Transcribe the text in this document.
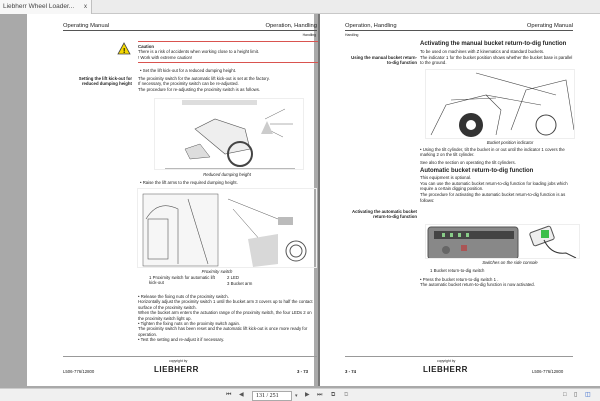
Liebherr Wheel Loader... x
Operating Manual	Operation, Handling
Handling
!
Caution
There is a risk of accidents when working close to a height limit.
! Work with extreme caution!
• Set the lift kick-out for a reduced dumping height.
Setting the lift kick-out for reduced dumping height
The proximity switch for the automatic lift kick-out is set at the factory.
If necessary, the proximity switch can be re-adjusted.
The procedure for re-adjusting the proximity switch is as follows.
Reduced dumping height
• Raise the lift arms to the required dumping height.
Proximity switch
1 Proximity switch for automatic lift kick-out
2 LED
3 Bucket arm
• Release the fixing nuts of the proximity switch.
Horizontally adjust the proximity switch 1 until the bucket arm 3 covers up to half the contact surface of the proximity switch.
When the bucket arm enters the actuation range of the proximity switch, the four LEDs 2 on the proximity switch light up.
• Tighten the fixing nuts on the proximity switch again.
The proximity switch has been reset and the automatic lift kick-out is once more ready for operation.
• Test the setting and re-adjust it if necessary.
L506-776/12800
copyright by
LIEBHERR	3 - 73
Operation, Handling	Operating Manual
Handling
Activating the manual bucket return-to-dig function
To be used on machines with Z kinematics and standard buckets.
Using the manual bucket return-to-dig function
The indicator 1 for the bucket position shows whether the bucket base is parallel to the ground.
Bucket position indicator
• Using the tilt cylinder, tilt the bucket in or out until the indicator 1 covers the marking 2 on the tilt cylinder.
See also the section on operating the tilt cylinders.
Automatic bucket return-to-dig function
This equipment is optional.
You can use the automatic bucket return-to-dig function for loading jobs which require a certain digging position.
The procedure for activating the automatic bucket return-to-dig function is as follows:
Activating the automatic bucket return-to-dig function
Switches on the side console
1 Bucket return-to-dig switch
• Press the bucket return-to-dig switch 1 .
The automatic bucket return-to-dig function is now activated.
3 - 74
copyright by
LIEBHERR	L506-776/12800
⏮ ◀	131 / 251	▾ ▶ ⏭ ⧉ ⧉	□ ▯ ◫
